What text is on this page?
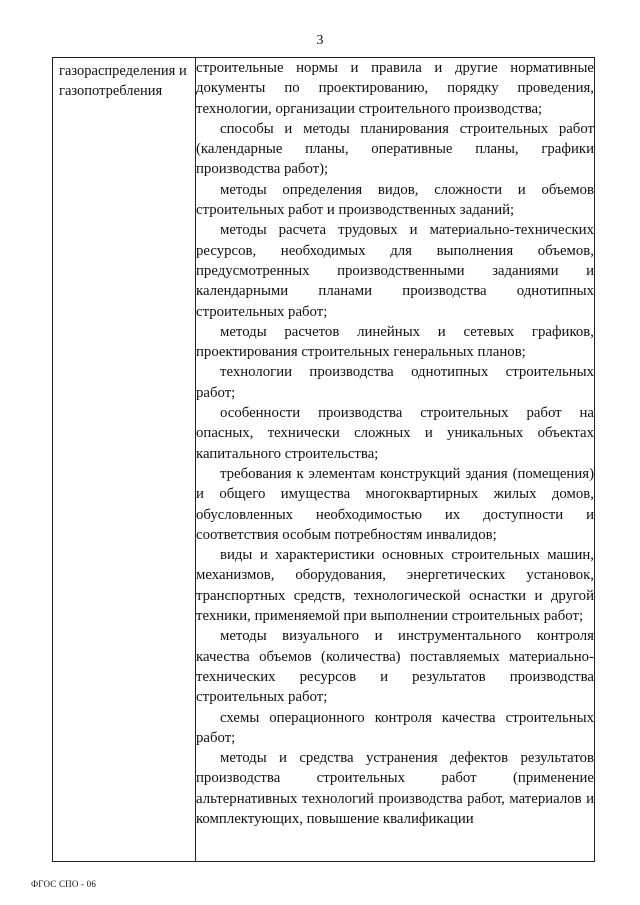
3
газораспределения и газопотребления

строительные нормы и правила и другие нормативные документы по проектированию, порядку проведения, технологии, организации строительного производства;

способы и методы планирования строительных работ (календарные планы, оперативные планы, графики производства работ);

методы определения видов, сложности и объемов строительных работ и производственных заданий;

методы расчета трудовых и материально-технических ресурсов, необходимых для выполнения объемов, предусмотренных производственными заданиями и календарными планами производства однотипных строительных работ;

методы расчетов линейных и сетевых графиков, проектирования строительных генеральных планов;

технологии производства однотипных строительных работ;

особенности производства строительных работ на опасных, технически сложных и уникальных объектах капитального строительства;

требования к элементам конструкций здания (помещения) и общего имущества многоквартирных жилых домов, обусловленных необходимостью их доступности и соответствия особым потребностям инвалидов;

виды и характеристики основных строительных машин, механизмов, оборудования, энергетических установок, транспортных средств, технологической оснастки и другой техники, применяемой при выполнении строительных работ;

методы визуального и инструментального контроля качества объемов (количества) поставляемых материально-технических ресурсов и результатов производства строительных работ;

схемы операционного контроля качества строительных работ;

методы и средства устранения дефектов результатов производства строительных работ (применение альтернативных технологий производства работ, материалов и комплектующих, повышение квалификации

ФГОС СПО - 06
